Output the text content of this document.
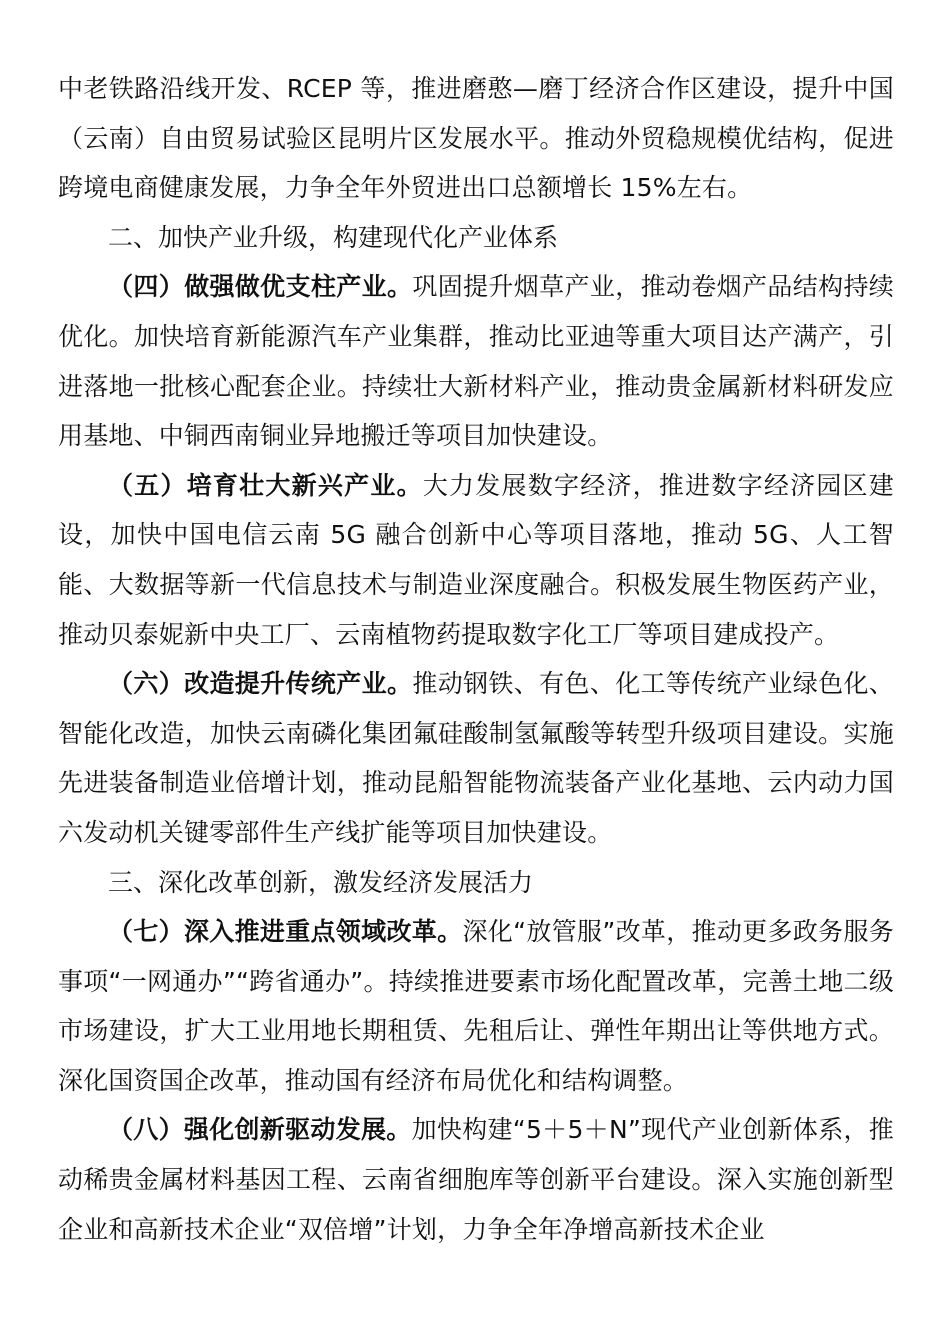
中老铁路沿线开发、RCEP 等，推进磨憨—磨丁经济合作区建设，提升中国（云南）自由贸易试验区昆明片区发展水平。推动外贸稳规模优结构，促进跨境电商健康发展，力争全年外贸进出口总额增长 15%左右。

二、加快产业升级，构建现代化产业体系

（四）做强做优支柱产业。巩固提升烟草产业，推动卷烟产品结构持续优化。加快培育新能源汽车产业集群，推动比亚迪等重大项目达产满产，引进落地一批核心配套企业。持续壮大新材料产业，推动贵金属新材料研发应用基地、中铜西南铜业异地搬迁等项目加快建设。

（五）培育壮大新兴产业。大力发展数字经济，推进数字经济园区建设，加快中国电信云南 5G 融合创新中心等项目落地，推动 5G、人工智能、大数据等新一代信息技术与制造业深度融合。积极发展生物医药产业，推动贝泰妮新中央工厂、云南植物药提取数字化工厂等项目建成投产。

（六）改造提升传统产业。推动钢铁、有色、化工等传统产业绿色化、智能化改造，加快云南磷化集团氟硅酸制氢氟酸等转型升级项目建设。实施先进装备制造业倍增计划，推动昆船智能物流装备产业化基地、云内动力国六发动机关键零部件生产线扩能等项目加快建设。

三、深化改革创新，激发经济发展活力

（七）深入推进重点领域改革。深化“放管服”改革，推动更多政务服务事项“一网通办”“跨省通办”。持续推进要素市场化配置改革，完善土地二级市场建设，扩大工业用地长期租赁、先租后让、弹性年期出让等供地方式。深化国资国企改革，推动国有经济布局优化和结构调整。

（八）强化创新驱动发展。加快构建“5＋5＋N”现代产业创新体系，推动稀贵金属材料基因工程、云南省细胞库等创新平台建设。深入实施创新型企业和高新技术企业“双倍增”计划，力争全年净增高新技术企业
